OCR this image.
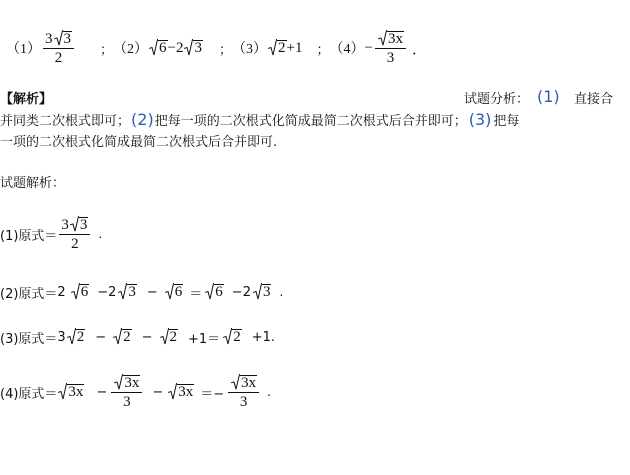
$(1) \frac{3 3}{2}$ ； （2） 6 − 2 3 ； （3） 2 +1 ； $(4) - \frac{3x}{3}$ ．
【解析】	试题分析： (1) 直接合
并同类二次根式即可； (2) 把每一项的二次根式化简成最简二次根式后合并即可； (3) 把每
一项的二次根式化简成最简二次根式后合并即可.
试题解析：
(1)原式＝ $\frac{3 3}{2}$ .
(2)原式＝ 2	6 −2 3 −	6 ＝ 6 −2 3 .
(3)原式＝ 3 2 −	2 −	2 +1＝ 2 +1.
(4)原式＝ $3x - \frac{3x}{3}$ −	$3x =- \frac{3x}{3}$ .
